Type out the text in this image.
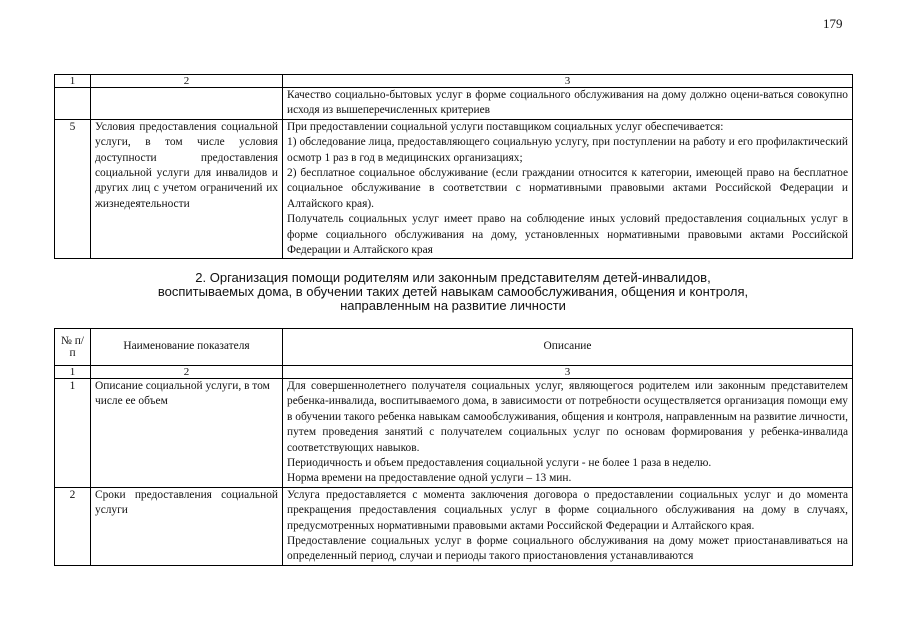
179
1	2	3
		Качество социально-бытовых услуг в форме социального обслуживания на дому должно оцени-ваться совокупно исходя из вышеперечисленных критериев
5	Условия предоставления социальной услуги, в том числе условия доступности предоставления социальной услуги для инвалидов и других лиц с учетом ограничений их жизнедеятельности	При предоставлении социальной услуги поставщиком социальных услуг обеспечивается:
1) обследование лица, предоставляющего социальную услугу, при поступлении на работу и его профилактический осмотр 1 раз в год в медицинских организациях;
2) бесплатное социальное обслуживание (если граждании относится к категории, имеющей право на бесплатное социальное обслуживание в соответствии с нормативными правовыми актами Российской Федерации и Алтайского края).
Получатель социальных услуг имеет право на соблюдение иных условий предоставления социальных услуг в форме социального обслуживания на дому, установленных нормативными правовыми актами Российской Федерации и Алтайского края
2. Организация помощи родителям или законным представителям детей-инвалидов,
воспитываемых дома, в обучении таких детей навыкам самообслуживания, общения и контроля,
направленным на развитие личности
№ п/п	Наименование показателя	Описание
1	2	3
1	Описание социальной услуги, в том числе ее объем	Для совершеннолетнего получателя социальных услуг, являющегося родителем или законным представителем ребенка-инвалида, воспитываемого дома, в зависимости от потребности осуществляется организация помощи ему в обучении такого ребенка навыкам самообслуживания, общения и контроля, направленным на развитие личности, путем проведения занятий с получателем социальных услуг по основам формирования у ребенка-инвалида соответствующих навыков.
Периодичность и объем предоставления социальной услуги - не более 1 раза в неделю.
Норма времени на предоставление одной услуги – 13 мин.

2	Сроки предоставления социальной услуги	Услуга предоставляется с момента заключения договора о предоставлении социальных услуг и до момента прекращения предоставления социальных услуг в форме социального обслуживания на дому в случаях, предусмотренных нормативными правовыми актами Российской Федерации и Алтайского края.
Предоставление социальных услуг в форме социального обслуживания на дому может приостанавливаться на определенный период, случаи и периоды такого приостановления устанавливаются
